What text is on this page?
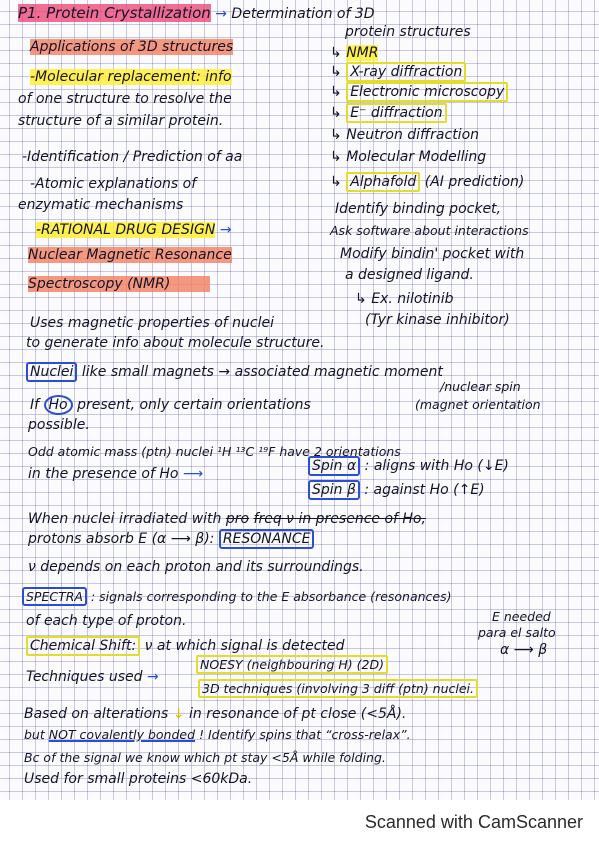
P1. Protein Crystallization → Determination of 3D
protein structures
Applications of 3D structures	↳ NMR
↳ X-ray diffraction
-Molecular replacement: info
↳ Electronic microscopy
of one structure to resolve the
↳ E⁻ diffraction
structure of a similar protein.
↳ Neutron diffraction
-Identification / Prediction of aa	↳ Molecular Modelling
-Atomic explanations of	↳ Alphafold (AI prediction)
enzymatic mechanisms	Identify binding pocket,
-RATIONAL DRUG DESIGN →	Ask software about interactions
Nuclear Magnetic Resonance	Modify bindin' pocket with
a designed ligand.
Spectroscopy (NMR)
↳ Ex. nilotinib
(Tyr kinase inhibitor)
Uses magnetic properties of nuclei
to generate info about molecule structure.
Nuclei like small magnets → associated magnetic moment
/nuclear spin
If Ho present, only certain orientations	(magnet orientation
possible.
Odd atomic mass (ptn) nuclei ¹H ¹³C ¹⁹F have 2 orientations
in the presence of Ho ⟶	Spin α : aligns with Ho (↓E)
Spin β : against Ho (↑E)
When nuclei irradiated with pro freq ν in presence of Ho,
protons absorb E (α ⟶ β): RESONANCE
ν depends on each proton and its surroundings.
SPECTRA : signals corresponding to the E absorbance (resonances)
of each type of proton.	E needed
para el salto
α ⟶ β
Chemical Shift: ν at which signal is detected
NOESY (neighbouring H) (2D)
Techniques used →
3D techniques (involving 3 diff (ptn) nuclei.
Based on alterations ↓ in resonance of pt close (<5Å).
but NOT covalently bonded ! Identify spins that “cross-relax”.
Bc of the signal we know which pt stay <5Å while folding.
Used for small proteins <60kDa.
Scanned with CamScanner
